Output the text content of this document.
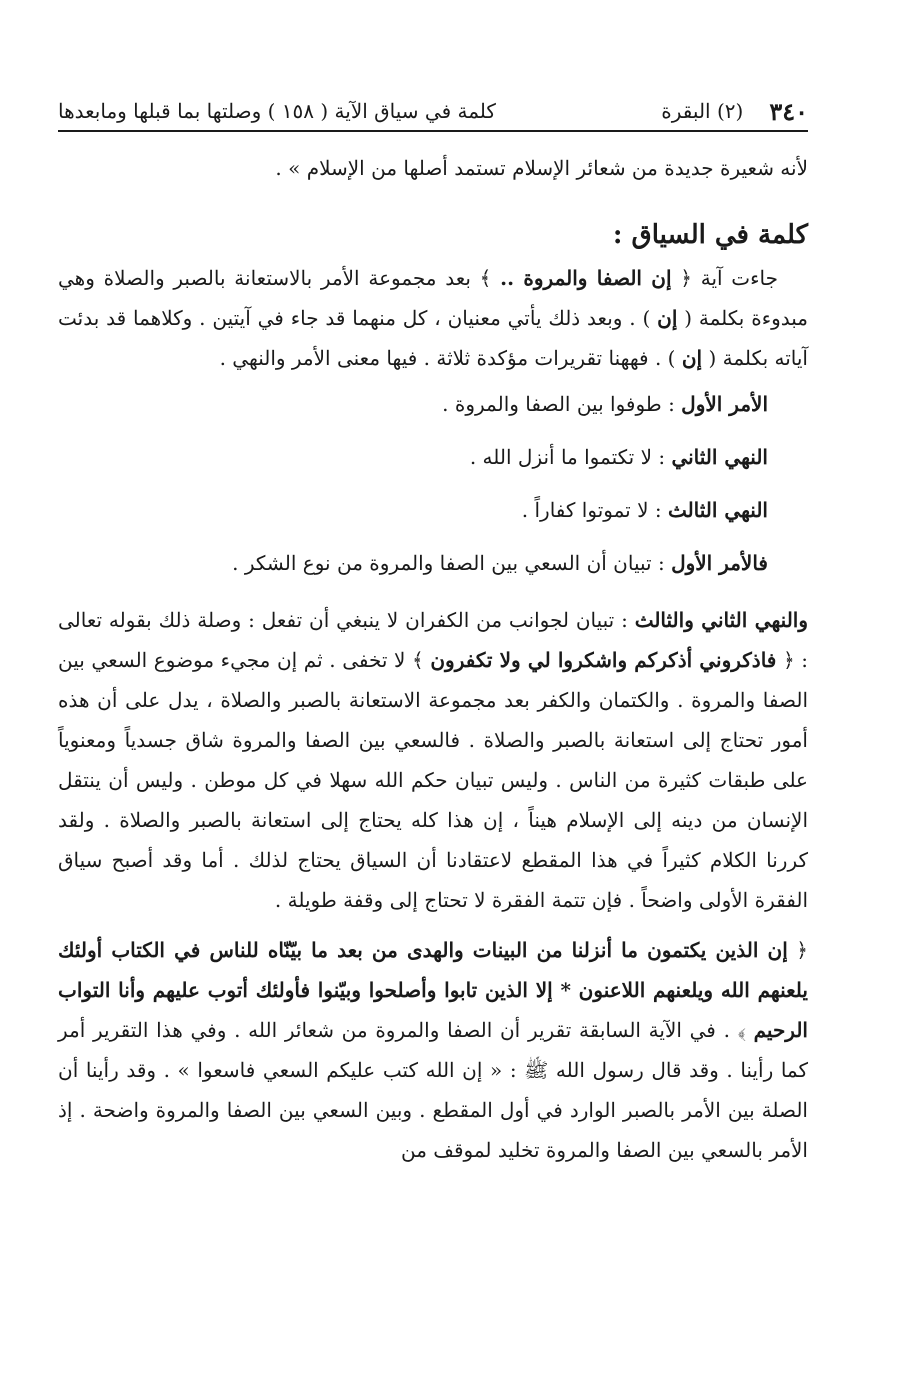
٣٤٠
(٢) البقرة
كلمة في سياق الآية ( ١٥٨ ) وصلتها بما قبلها ومابعدها

لأنه شعيرة جديدة من شعائر الإسلام تستمد أصلها من الإسلام » .

كلمة في السياق :

جاءت آية ﴿ إن الصفا والمروة .. ﴾ بعد مجموعة الأمر بالاستعانة بالصبر والصلاة وهي مبدوءة بكلمة ( إن ) . وبعد ذلك يأتي معنيان ، كل منهما قد جاء في آيتين . وكلاهما قد بدئت آياته بكلمة ( إن ) . فههنا تقريرات مؤكدة ثلاثة . فيها معنى الأمر والنهي .

الأمر الأول : طوفوا بين الصفا والمروة .

النهي الثاني : لا تكتموا ما أنزل الله .

النهي الثالث : لا تموتوا كفاراً .

فالأمر الأول : تبيان أن السعي بين الصفا والمروة من نوع الشكر .

والنهي الثاني والثالث : تبيان لجوانب من الكفران لا ينبغي أن تفعل : وصلة ذلك بقوله تعالى : ﴿ فاذكروني أذكركم واشكروا لي ولا تكفرون ﴾ لا تخفى . ثم إن مجيء موضوع السعي بين الصفا والمروة . والكتمان والكفر بعد مجموعة الاستعانة بالصبر والصلاة ، يدل على أن هذه أمور تحتاج إلى استعانة بالصبر والصلاة . فالسعي بين الصفا والمروة شاق جسدياً ومعنوياً على طبقات كثيرة من الناس . وليس تبيان حكم الله سهلا في كل موطن . وليس أن ينتقل الإنسان من دينه إلى الإسلام هيناً ، إن هذا كله يحتاج إلى استعانة بالصبر والصلاة . ولقد كررنا الكلام كثيراً في هذا المقطع لاعتقادنا أن السياق يحتاج لذلك . أما وقد أصبح سياق الفقرة الأولى واضحاً . فإن تتمة الفقرة لا تحتاج إلى وقفة طويلة .

﴿ إن الذين يكتمون ما أنزلنا من البينات والهدى من بعد ما بيّنّاه للناس في الكتاب أولئك يلعنهم الله ويلعنهم اللاعنون * إلا الذين تابوا وأصلحوا وبيّنوا فأولئك أتوب عليهم وأنا التواب الرحيم ﴾ . في الآية السابقة تقرير أن الصفا والمروة من شعائر الله . وفي هذا التقرير أمر كما رأينا . وقد قال رسول الله ﷺ : « إن الله كتب عليكم السعي فاسعوا » . وقد رأينا أن الصلة بين الأمر بالصبر الوارد في أول المقطع . وبين السعي بين الصفا والمروة واضحة . إذ الأمر بالسعي بين الصفا والمروة تخليد لموقف من
